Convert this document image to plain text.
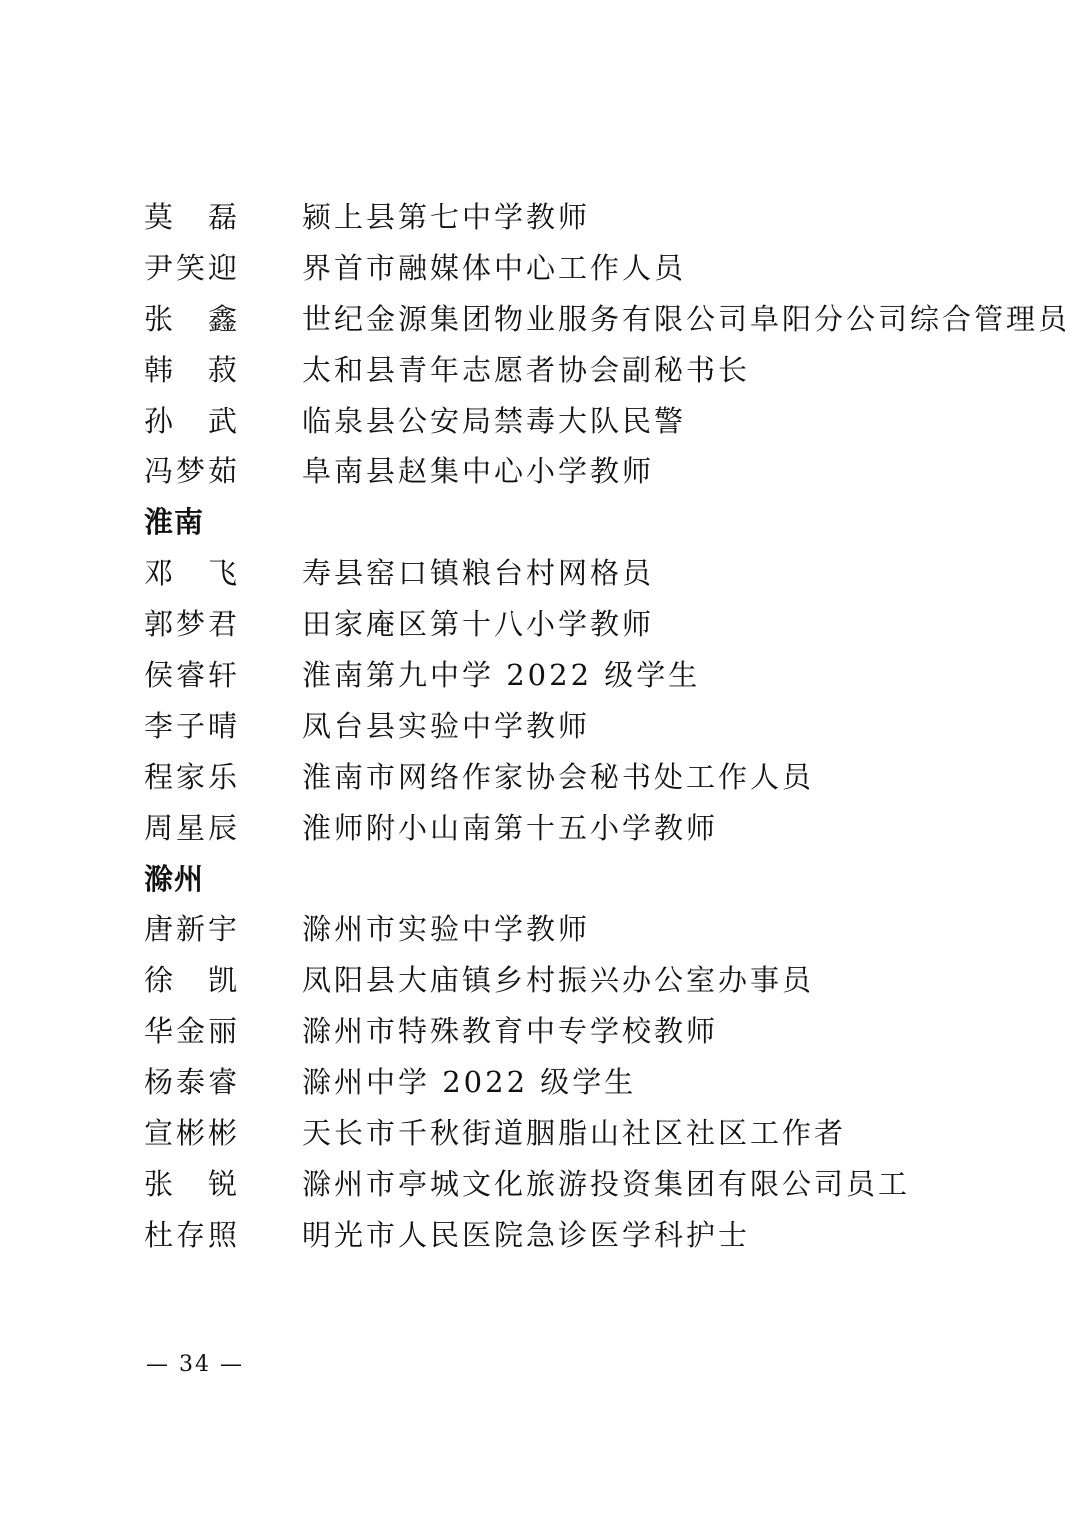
莫　磊	颍上县第七中学教师
尹笑迎	界首市融媒体中心工作人员
张　鑫	世纪金源集团物业服务有限公司阜阳分公司综合管理员
韩　菽	太和县青年志愿者协会副秘书长
孙　武	临泉县公安局禁毒大队民警
冯梦茹	阜南县赵集中心小学教师
淮南
邓　飞	寿县窑口镇粮台村网格员
郭梦君	田家庵区第十八小学教师
侯睿轩	淮南第九中学 2022 级学生
李子晴	凤台县实验中学教师
程家乐	淮南市网络作家协会秘书处工作人员
周星辰	淮师附小山南第十五小学教师
滁州
唐新宇	滁州市实验中学教师
徐　凯	凤阳县大庙镇乡村振兴办公室办事员
华金丽	滁州市特殊教育中专学校教师
杨泰睿	滁州中学 2022 级学生
宣彬彬	天长市千秋街道胭脂山社区社区工作者
张　锐	滁州市亭城文化旅游投资集团有限公司员工
杜存照	明光市人民医院急诊医学科护士
— 34 —
